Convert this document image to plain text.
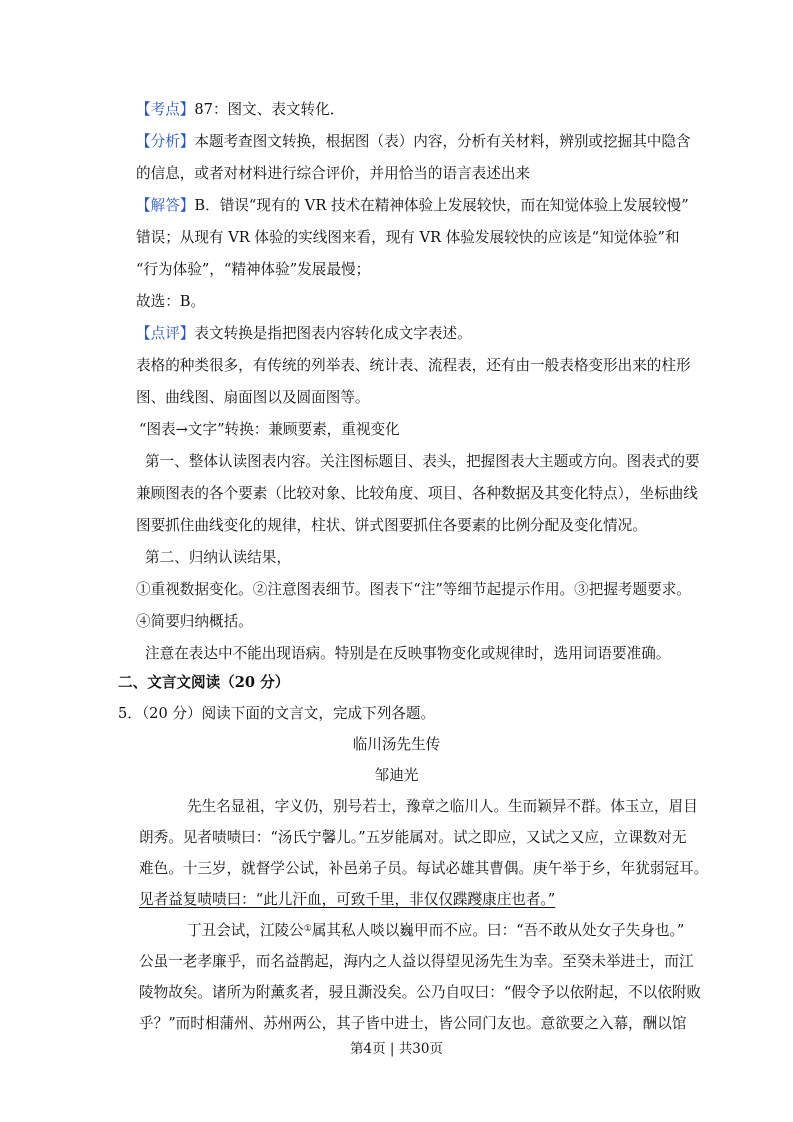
【考点】87：图文、表文转化．
【分析】本题考查图文转换，根据图（表）内容，分析有关材料，辨别或挖掘其中隐含
的信息，或者对材料进行综合评价，并用恰当的语言表述出来
【解答】B．错误“现有的 VR 技术在精神体验上发展较快，而在知觉体验上发展较慢”
错误；从现有 VR 体验的实线图来看，现有 VR 体验发展较快的应该是“知觉体验”和
“行为体验”，“精神体验”发展最慢；
故选：B。
【点评】表文转换是指把图表内容转化成文字表述。
表格的种类很多，有传统的列举表、统计表、流程表，还有由一般表格变形出来的柱形
图、曲线图、扇面图以及圆面图等。
“图表→文字”转换：兼顾要素，重视变化
第一、整体认读图表内容。关注图标题目、表头，把握图表大主题或方向。图表式的要
兼顾图表的各个要素（比较对象、比较角度、项目、各种数据及其变化特点），坐标曲线
图要抓住曲线变化的规律，柱状、饼式图要抓住各要素的比例分配及变化情况。
第二、归纳认读结果，
①重视数据变化。②注意图表细节。图表下“注”等细节起提示作用。③把握考题要求。
④简要归纳概括。
注意在表达中不能出现语病。特别是在反映事物变化或规律时，选用词语要准确。
二、文言文阅读（20 分）
5．（20 分）阅读下面的文言文，完成下列各题。
临川汤先生传
邹迪光
先生名显祖，字义仍，别号若士，豫章之临川人。生而颖异不群。体玉立，眉目
朗秀。见者啧啧曰：“汤氏宁馨儿。”五岁能属对。试之即应，又试之又应，立课数对无
难色。十三岁，就督学公试，补邑弟子员。每试必雄其曹偶。庚午举于乡，年犹弱冠耳。
见者益复啧啧曰：“此儿汗血，可致千里，非仅仅蹀躞康庄也者。”
丁丑会试，江陵公①属其私人啖以巍甲而不应。曰：“吾不敢从处女子失身也。”
公虽一老孝廉乎，而名益鹊起，海内之人益以得望见汤先生为幸。至癸未举进士，而江
陵物故矣。诸所为附薰炙者，骎且澌没矣。公乃自叹曰：“假令予以依附起，不以依附败
乎？”而时相蒲州、苏州两公，其子皆中进士，皆公同门友也。意欲要之入幕，酬以馆
第4页 | 共30页
